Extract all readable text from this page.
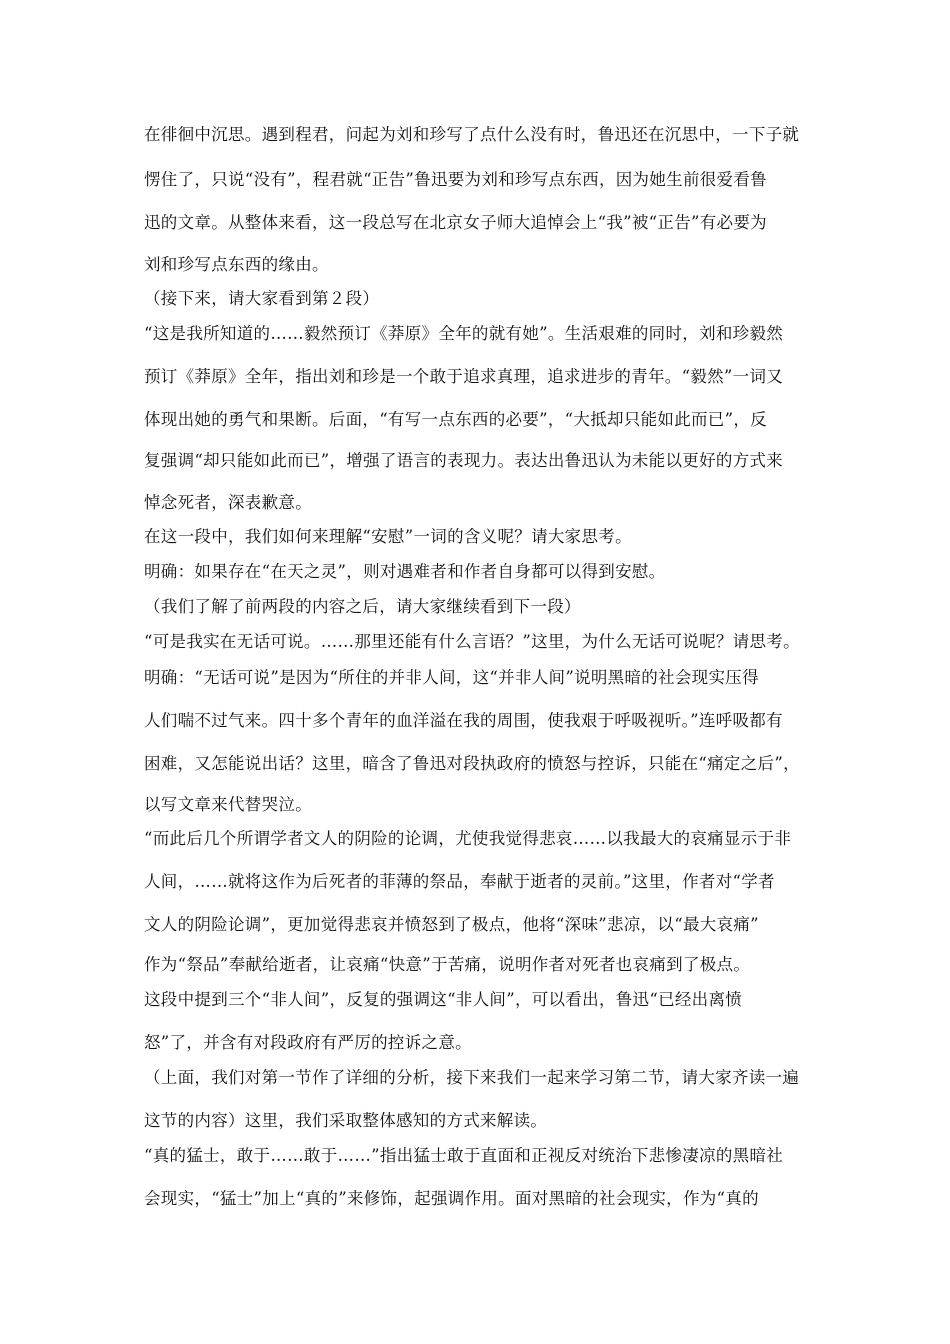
在徘徊中沉思。遇到程君，问起为刘和珍写了点什么没有时，鲁迅还在沉思中，一下子就
愣住了，只说“没有”，程君就“正告”鲁迅要为刘和珍写点东西，因为她生前很爱看鲁
迅的文章。从整体来看，这一段总写在北京女子师大追悼会上“我”被“正告”有必要为
刘和珍写点东西的缘由。
（接下来，请大家看到第２段）
“这是我所知道的……毅然预订《莽原》全年的就有她”。生活艰难的同时，刘和珍毅然
预订《莽原》全年，指出刘和珍是一个敢于追求真理，追求进步的青年。“毅然”一词又
体现出她的勇气和果断。后面，“有写一点东西的必要”，“大抵却只能如此而已”，反
复强调“却只能如此而已”，增强了语言的表现力。表达出鲁迅认为未能以更好的方式来
悼念死者，深表歉意。
在这一段中，我们如何来理解“安慰”一词的含义呢？请大家思考。
明确：如果存在“在天之灵”，则对遇难者和作者自身都可以得到安慰。
（我们了解了前两段的内容之后，请大家继续看到下一段）
“可是我实在无话可说。……那里还能有什么言语？”这里，为什么无话可说呢？请思考。
明确：“无话可说”是因为“所住的并非人间，这“并非人间”说明黑暗的社会现实压得
人们喘不过气来。四十多个青年的血洋溢在我的周围，使我艰于呼吸视听。”连呼吸都有
困难，又怎能说出话？这里，暗含了鲁迅对段执政府的愤怒与控诉，只能在“痛定之后”，
以写文章来代替哭泣。
“而此后几个所谓学者文人的阴险的论调，尤使我觉得悲哀……以我最大的哀痛显示于非
人间，……就将这作为后死者的菲薄的祭品，奉献于逝者的灵前。”这里，作者对“学者
文人的阴险论调”，更加觉得悲哀并愤怒到了极点，他将“深味”悲凉，以“最大哀痛”
作为“祭品”奉献给逝者，让哀痛“快意”于苦痛，说明作者对死者也哀痛到了极点。
这段中提到三个“非人间”，反复的强调这“非人间”，可以看出，鲁迅“已经出离愤
怒”了，并含有对段政府有严厉的控诉之意。
（上面，我们对第一节作了详细的分析，接下来我们一起来学习第二节，请大家齐读一遍
这节的内容）这里，我们采取整体感知的方式来解读。
“真的猛士，敢于……敢于……”指出猛士敢于直面和正视反对统治下悲惨凄凉的黑暗社
会现实，“猛士”加上“真的”来修饰，起强调作用。面对黑暗的社会现实，作为“真的
